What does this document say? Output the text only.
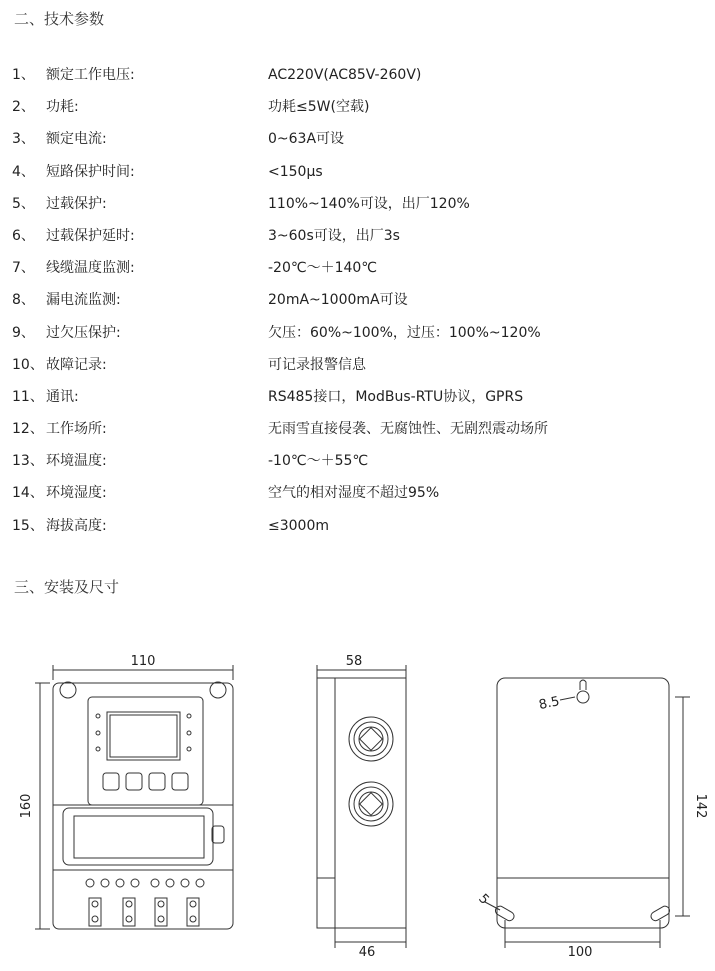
二、技术参数
1、 额定工作电压:	AC220V(AC85V-260V)
2、 功耗:	功耗≤5W(空载)
3、 额定电流:	0~63A可设
4、 短路保护时间:	<150μs
5、 过载保护:	110%~140%可设，出厂120%
6、 过载保护延时:	3~60s可设，出厂3s
7、 线缆温度监测:	-20℃～＋140℃
8、 漏电流监测:	20mA~1000mA可设
9、 过欠压保护:	欠压：60%~100%，过压：100%~120%
10、 故障记录:	可记录报警信息
11、 通讯:	RS485接口，ModBus-RTU协议，GPRS
12、 工作场所:	无雨雪直接侵袭、无腐蚀性、无剧烈震动场所
13、 环境温度:	-10℃～＋55℃
14、 环境湿度:	空气的相对湿度不超过95%
15、 海拔高度:	≤3000m
三、安装及尺寸
110
160
58
46
142
100
8.5
5
